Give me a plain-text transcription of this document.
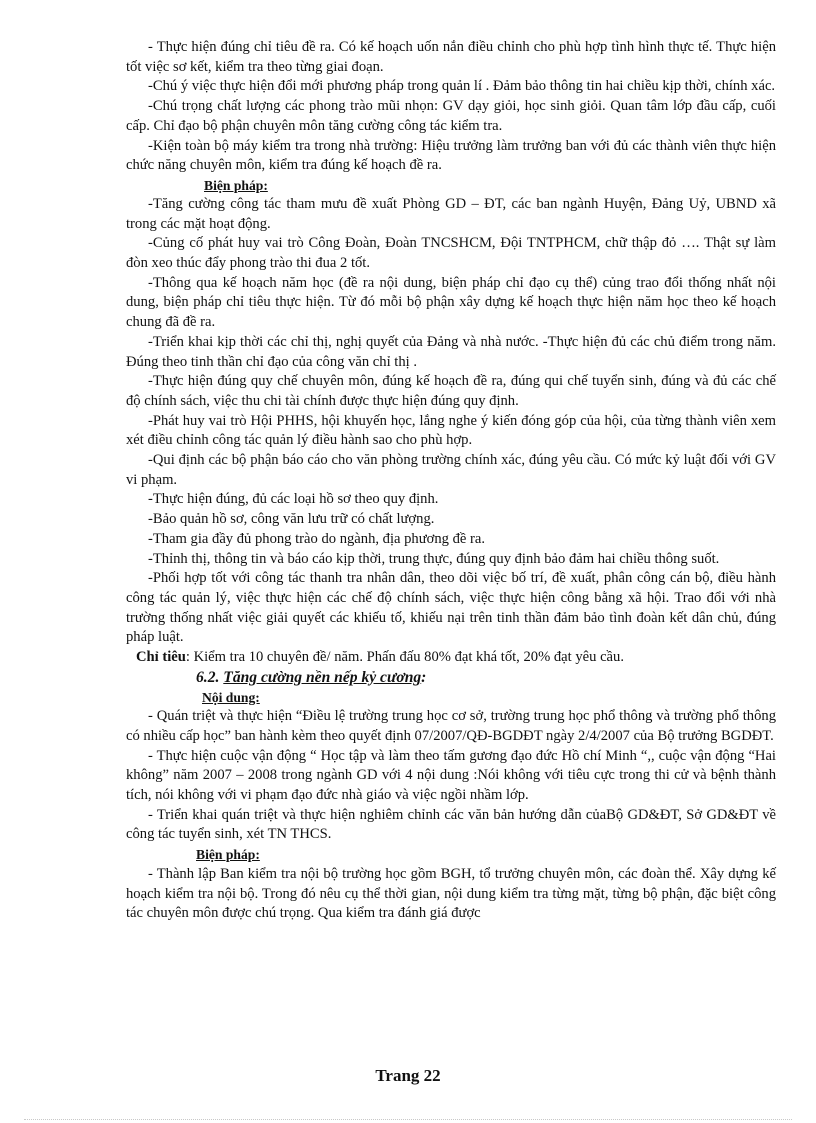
- Thực hiện đúng chỉ tiêu đề ra. Có kế hoạch uốn nắn điều chỉnh cho phù hợp tình hình thực tế. Thực hiện tốt việc sơ kết, kiểm tra theo từng giai đoạn.

-Chú ý việc thực hiện đổi mới phương pháp trong quản lí . Đảm bảo thông tin hai chiều kịp thời, chính xác.

-Chú trọng chất lượng các phong trào mũi nhọn: GV dạy giỏi, học sinh giỏi. Quan tâm lớp đầu cấp, cuối cấp. Chỉ đạo bộ phận chuyên môn tăng cường công tác kiểm tra.

-Kiện toàn bộ máy kiểm tra trong nhà trường: Hiệu trưởng làm trưởng ban với đủ các thành viên thực hiện chức năng chuyên môn, kiểm tra đúng kế hoạch đề ra.

Biện pháp:

-Tăng cường công tác tham mưu đề xuất Phòng GD – ĐT, các ban ngành Huyện, Đảng Uỷ, UBND xã trong các mặt hoạt động.

-Củng cố phát huy vai trò Công Đoàn, Đoàn TNCSHCM, Đội TNTPHCM, chữ thập đỏ …. Thật sự làm đòn xeo thúc đẩy phong trào thi đua 2 tốt.

-Thông qua kế hoạch năm học (đề ra nội dung, biện pháp chỉ đạo cụ thể) củng trao đổi thống nhất nội dung, biện pháp chỉ tiêu thực hiện. Từ đó mỗi bộ phận xây dựng kế hoạch thực hiện năm học theo kế hoạch chung đã đề ra.

-Triển khai kịp thời các chỉ thị, nghị quyết của Đảng và nhà nước. -Thực hiện đủ các chủ điểm trong năm. Đúng theo tinh thần chỉ đạo của công văn chỉ thị .

-Thực hiện đúng quy chế chuyên môn, đúng kế hoạch đề ra, đúng qui chế tuyển sinh, đúng và đủ các chế độ chính sách, việc thu chi tài chính được thực hiện đúng quy định.

-Phát huy vai trò Hội PHHS, hội khuyến học, lắng nghe ý kiến đóng góp của hội, của từng thành viên xem xét điều chỉnh công tác quản lý điều hành sao cho phù hợp.

-Qui định các bộ phận báo cáo cho văn phòng trường chính xác, đúng yêu cầu. Có mức kỷ luật đối với GV vi phạm.

-Thực hiện đúng, đủ các loại hồ sơ theo quy định.

-Bảo quản hồ sơ, công văn lưu trữ có chất lượng.

-Tham gia đầy đủ phong trào do ngành, địa phương đề ra.

-Thỉnh thị, thông tin và báo cáo kịp thời, trung thực, đúng quy định bảo đảm hai chiều thông suốt.

-Phối hợp tốt với công tác thanh tra nhân dân, theo dõi việc bố trí, đề xuất, phân công cán bộ, điều hành công tác quản lý, việc thực hiện các chế độ chính sách, việc thực hiện công bằng xã hội. Trao đổi với nhà trường thống nhất việc giải quyết các khiếu tố, khiếu nại trên tinh thần đảm bảo tình đoàn kết dân chủ, đúng pháp luật.

Chỉ tiêu: Kiểm tra 10 chuyên đề/ năm. Phấn đấu 80% đạt khá tốt, 20% đạt yêu cầu.

6.2. Tăng cường nền nếp kỷ cương:

Nội dung:

- Quán triệt và thực hiện “Điều lệ trường trung học cơ sở, trường trung học phổ thông và trường phổ thông có nhiều cấp học” ban hành kèm theo quyết định 07/2007/QĐ-BGDĐT ngày 2/4/2007 của Bộ trưởng BGDĐT.

- Thực hiện cuộc vận động “ Học tập và làm theo tấm gương đạo đức Hồ chí Minh “,, cuộc vận động “Hai không” năm 2007 – 2008 trong ngành GD với 4 nội dung :Nói không với tiêu cực trong thi cử và bệnh thành tích, nói không với vi phạm đạo đức nhà giáo và việc ngồi nhầm lớp.

- Triển khai quán triệt và thực hiện nghiêm chỉnh các văn bản hướng dẫn củaBộ GD&ĐT, Sở GD&ĐT về công tác tuyển sinh, xét TN THCS.

Biện pháp:

- Thành lập Ban kiểm tra nội bộ trường học gồm BGH, tổ trưởng chuyên môn, các đoàn thể. Xây dựng kế hoạch kiểm tra nội bộ. Trong đó nêu cụ thể thời gian, nội dung kiểm tra từng mặt, từng bộ phận, đặc biệt công tác chuyên môn được chú trọng. Qua kiểm tra đánh giá được

Trang 22
